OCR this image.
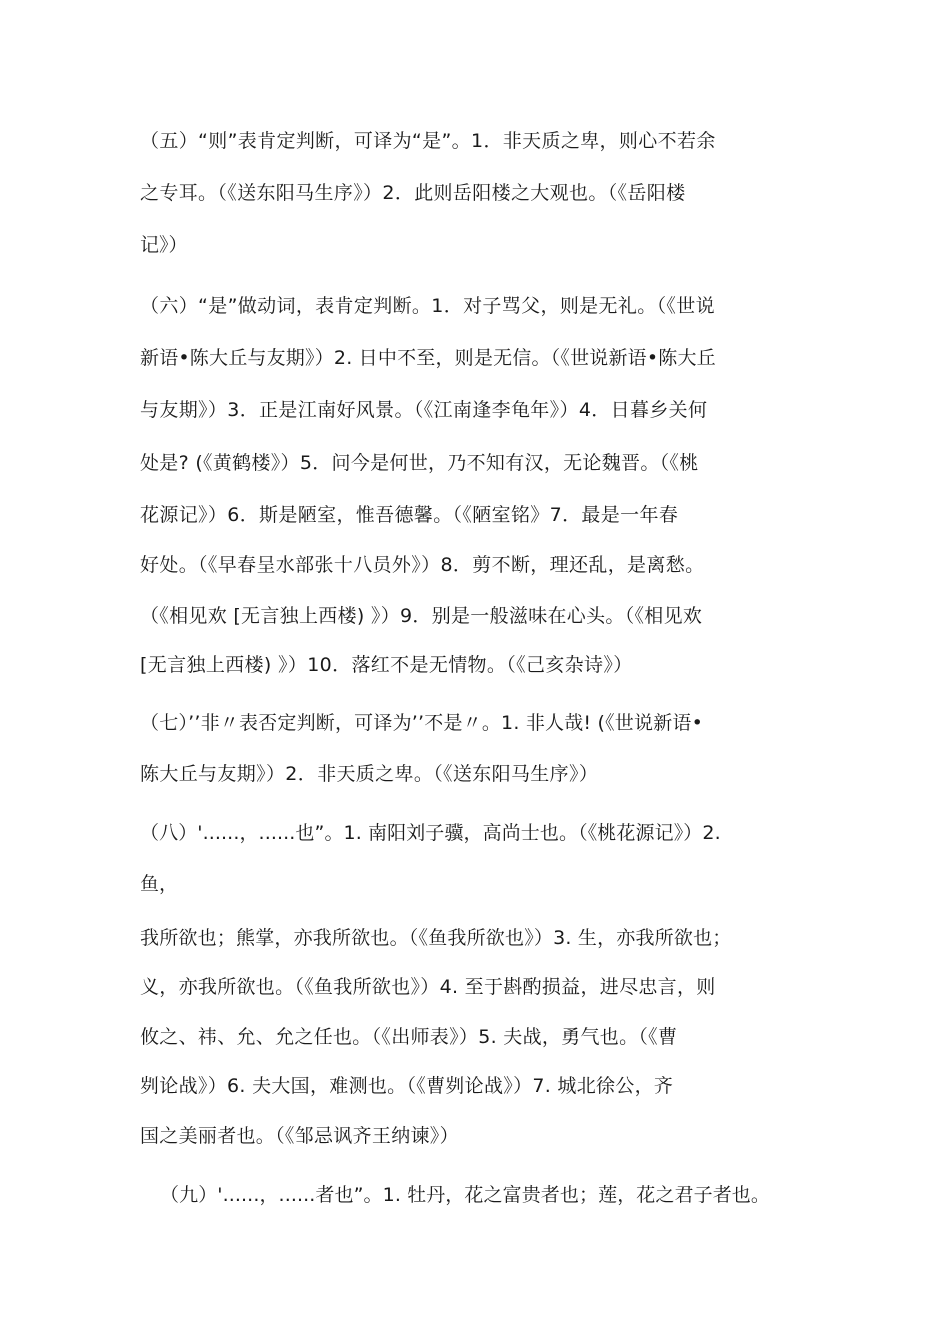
（五）“则”表肯定判断，可译为“是”。1．非天质之卑，则心不若余

之专耳。（《送东阳马生序》）2．此则岳阳楼之大观也。（《岳阳楼

记》）

（六）“是”做动词，表肯定判断。1．对子骂父，则是无礼。（《世说

新语•陈大丘与友期》）2. 日中不至，则是无信。（《世说新语•陈大丘

与友期》）3．正是江南好风景。（《江南逢李龟年》）4．日暮乡关何

处是? (《黄鹤楼》）5．问今是何世，乃不知有汉，无论魏晋。（《桃

花源记》）6．斯是陋室，惟吾德馨。（《陋室铭》7．最是一年春

好处。（《早春呈水部张十八员外》）8．剪不断，理还乱，是离愁。

（《相见欢 [无言独上西楼) 》）9．别是一般滋味在心头。（《相见欢

[无言独上西楼) 》）10．落红不是无情物。（《己亥杂诗》）

（七）’’非〃表否定判断，可译为’’不是〃。1. 非人哉! (《世说新语•

陈大丘与友期》）2．非天质之卑。（《送东阳马生序》）

（八）'......，......也”。1. 南阳刘子骥，高尚士也。（《桃花源记》）2.

鱼，

我所欲也；熊掌，亦我所欲也。（《鱼我所欲也》）3. 生，亦我所欲也；

义，亦我所欲也。（《鱼我所欲也》）4. 至于斟酌损益，进尽忠言，则

攸之、祎、允、允之任也。（《出师表》）5. 夫战，勇气也。（《曹

刿论战》）6. 夫大国，难测也。（《曹刿论战》）7. 城北徐公，齐

国之美丽者也。（《邹忌讽齐王纳谏》）

（九）'......，......者也”。1. 牡丹，花之富贵者也；莲，花之君子者也。
